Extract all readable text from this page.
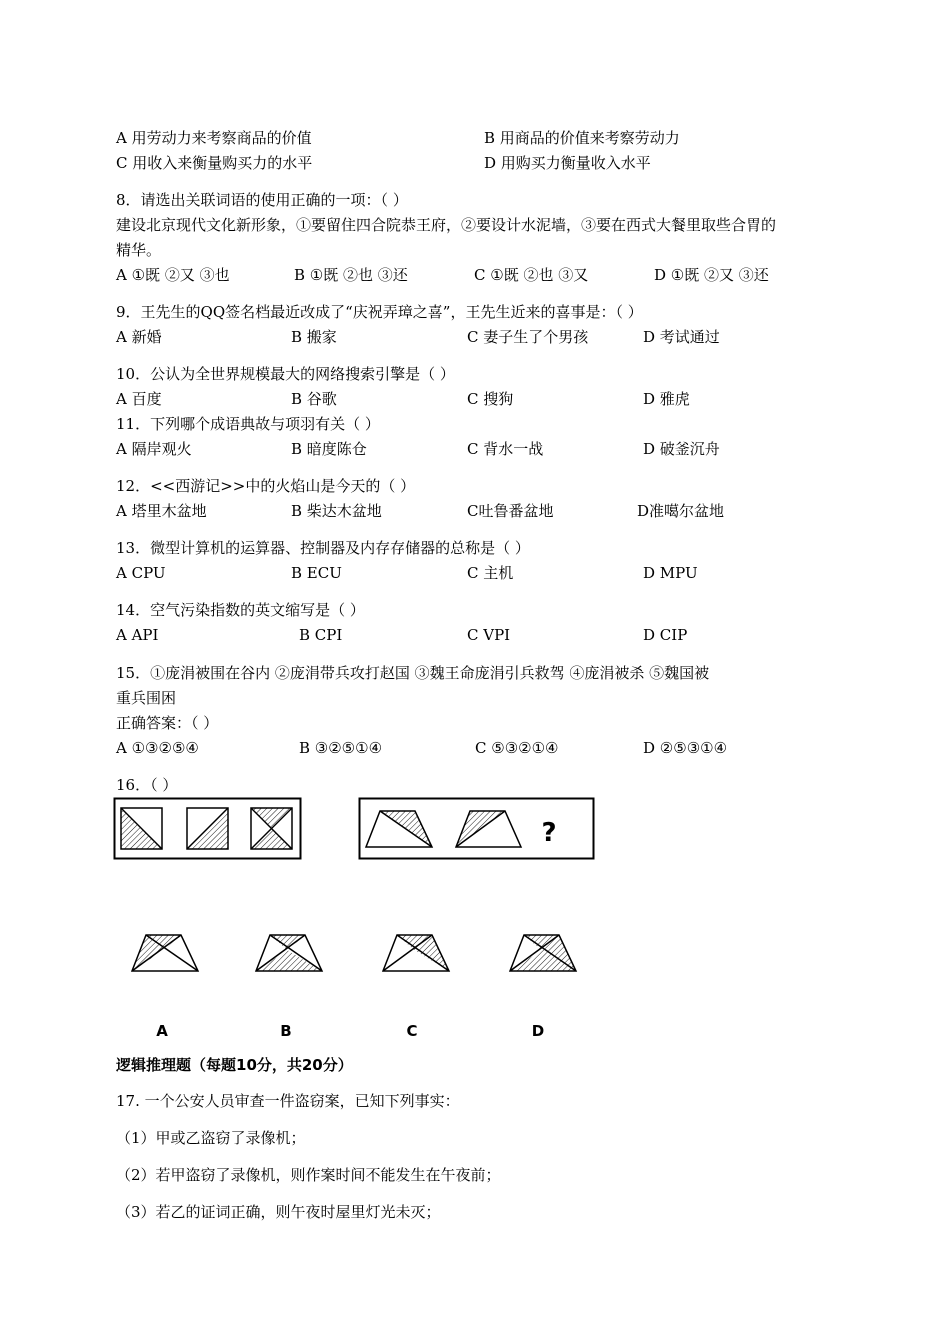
A 用劳动力来考察商品的价值	B 用商品的价值来考察劳动力
C 用收入来衡量购买力的水平	D 用购买力衡量收入水平
8．请选出关联词语的使用正确的一项：（ ）
建设北京现代文化新形象，①要留住四合院恭王府，②要设计水泥墙，③要在西式大餐里取些合胃的
精华。
A ①既 ②又 ③也	B ①既 ②也 ③还	C ①既 ②也 ③又	D ①既 ②又 ③还
9．王先生的QQ签名档最近改成了“庆祝弄璋之喜”，王先生近来的喜事是：（ ）
A 新婚	B 搬家	C 妻子生了个男孩	D 考试通过
10．公认为全世界规模最大的网络搜索引擎是（ ）
A 百度	B 谷歌	C 搜狗	D 雅虎
11．下列哪个成语典故与项羽有关（ ）
A 隔岸观火	B 暗度陈仓	C 背水一战	D 破釜沉舟
12．<<西游记>>中的火焰山是今天的（ ）
A 塔里木盆地	B 柴达木盆地	C吐鲁番盆地	D准噶尔盆地
13．微型计算机的运算器、控制器及内存存储器的总称是（ ）
A CPU	B ECU	C 主机	D MPU
14．空气污染指数的英文缩写是（ ）
A API	B CPI	C VPI	D CIP
15．①庞涓被围在谷内 ②庞涓带兵攻打赵国 ③魏王命庞涓引兵救驾 ④庞涓被杀 ⑤魏国被
重兵围困
正确答案：（ ）
A ①③②⑤④	B ③②⑤①④	C ⑤③②①④	D ②⑤③①④
16．（ ）
?
A	B	C	D
逻辑推理题（每题10分，共20分）
17. 一个公安人员审查一件盗窃案，已知下列事实：
（1）甲或乙盗窃了录像机；
（2）若甲盗窃了录像机，则作案时间不能发生在午夜前；
（3）若乙的证词正确，则午夜时屋里灯光未灭；
